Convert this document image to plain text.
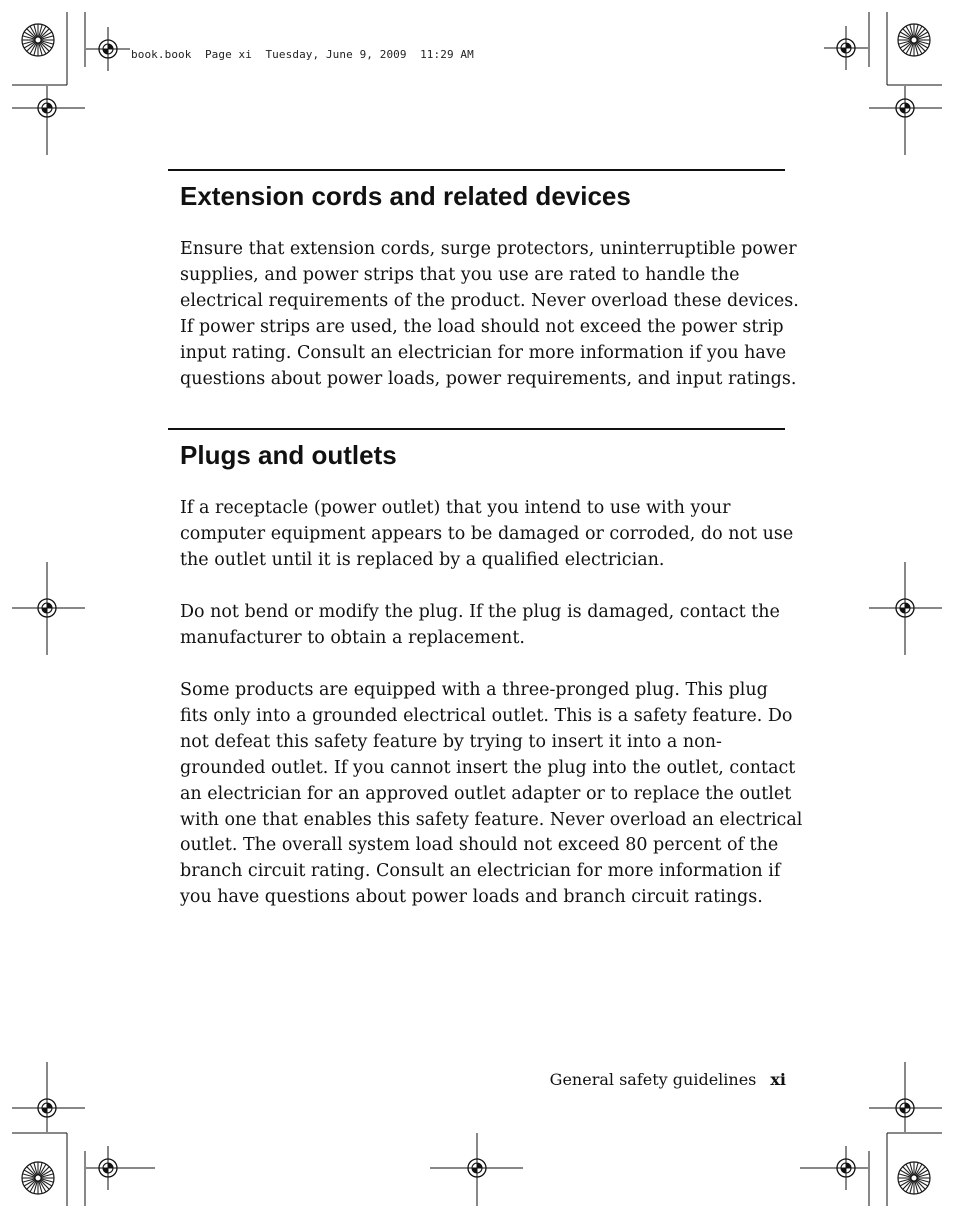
book.book  Page xi  Tuesday, June 9, 2009  11:29 AM
Extension cords and related devices

Ensure that extension cords, surge protectors, uninterruptible power
supplies, and power strips that you use are rated to handle the
electrical requirements of the product. Never overload these devices.
If power strips are used, the load should not exceed the power strip
input rating. Consult an electrician for more information if you have
questions about power loads, power requirements, and input ratings.

Plugs and outlets

If a receptacle (power outlet) that you intend to use with your
computer equipment appears to be damaged or corroded, do not use
the outlet until it is replaced by a qualified electrician.

Do not bend or modify the plug. If the plug is damaged, contact the
manufacturer to obtain a replacement.

Some products are equipped with a three-pronged plug. This plug
fits only into a grounded electrical outlet. This is a safety feature. Do
not defeat this safety feature by trying to insert it into a non-
grounded outlet. If you cannot insert the plug into the outlet, contact
an electrician for an approved outlet adapter or to replace the outlet
with one that enables this safety feature. Never overload an electrical
outlet. The overall system load should not exceed 80 percent of the
branch circuit rating. Consult an electrician for more information if
you have questions about power loads and branch circuit ratings.

General safety guidelines xi
